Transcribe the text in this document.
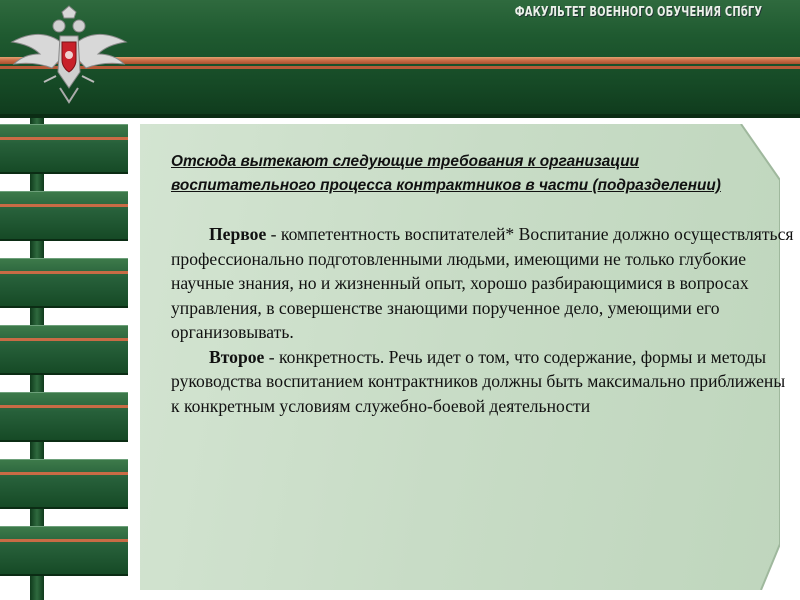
ФАКУЛЬТЕТ ВОЕННОГО ОБУЧЕНИЯ СПбГУ

Отсюда вытекают следующие требования к организации воспитательного процесса контрактников в части (подразделении)

Первое - компетентность воспитателей* Воспитание должно осуществляться профессионально подготовленными людьми, имеющими не только глубокие научные знания, но и жизненный опыт, хорошо разбирающимися в вопросах управления, в совершенстве знающими порученное дело, умеющими его организовывать.

Второе - конкретность. Речь идет о том, что содержание, формы и методы руководства воспитанием контрактников должны быть максимально приближены к конкретным условиям служебно-боевой деятельности
